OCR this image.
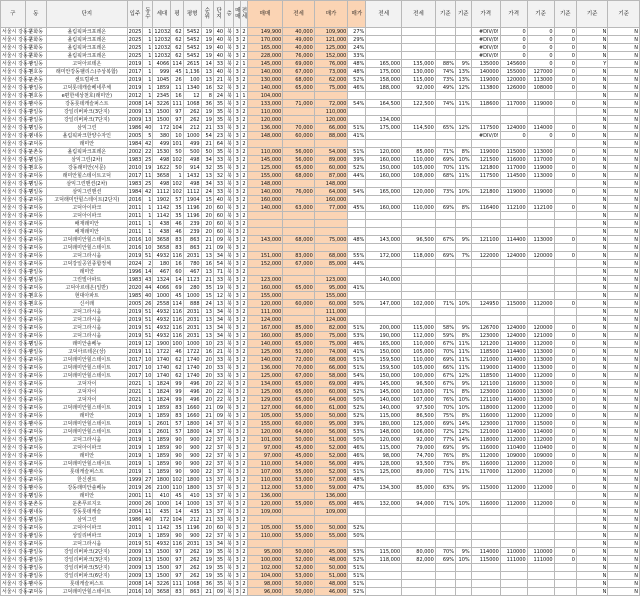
구	동	단지	입주	동수	세대	평	평형	순위	단지	층	매매	전세	매매	전세	매가	매가	전세	전세	기준	기준	가격	가격	기준	기준	기준	기준
서울시 강동구	문화동	올림픽파크포레온	2025	1	12032	62	5452	19	40	북	3	2	149,900	40,000	109,900	27%					#DIV/0!	0	0	0	N	N
서울시 강동구	문화동	올림픽파크포레온	2025	1	12032	62	5452	19	40	북	3	2	170,000	49,000	121,000	29%					#DIV/0!	0	0	0	N	N
서울시 강동구	문화동	올림픽파크포레온	2025	1	12032	62	5452	19	40	북	3	2	165,000	40,000	125,000	24%					#DIV/0!	0	0	0	N	N
서울시 강동구	문화동	올림픽파크포레온	2025	1	12032	62	5452	19	40	북	3	2	228,000	76,000	152,000	33%					#DIV/0!	0	0	0	N	N
서울시 강동구	상일동	고덕아르테온	2019	1	4066	114	2615	14	33	북	2	1	145,000	69,000	76,000	48%	165,000	135,000	88%	9%	135000	145600	0	0	Y	N
서울시 강동구	천호동	래미안강동팰리스(주상복합)	2017	1	999	45	1,136	13	40	북	3	2	140,000	67,000	73,000	48%	175,000	130,000	74%	13%	140000	155000	127000	0	N	N
서울시 강동구	둔촌동	센트럴파크	2019	1	1045	26	100	13	21	북	3	2	130,000	68,000	62,000	52%	158,000	115,000	73%	13%	119000	120000	113000	0	N	N
서울시 강동구	상일동	고덕롯데캐슬베네루체	2019	1	1859	11	1340	16	32	북	3	2	140,000	65,000	75,000	46%	188,000	92,000	49%	12%	113800	126000	108000	0	N	N
서울시 강동구	천호동	e편한세상천호(래미안)	2012	1	2345	16	12	8	24	북	1	1	104,000												N	N
서울시 강동구	암사동	강동롯데캐슬퍼스트	2008	14	3226	111	1068	36	35	북	3	2	133,000	71,000	72,000	54%	164,500	122,500	74%	11%	118600	117000	119000	0	N	N
서울시 강동구	강일동	강일리버파크(3단지)	2009	13	1500	97	262	19	35	북	3	2	110,000		110,000										N	N
서울시 강동구	강일동	강일리버파크(7단지)	2009	13	1500	97	262	19	35	북	3	2	120,000		120,000		134,000								N	N
서울시 강동구	명일동	삼익그린	1986	40	172	104	212	21	33	북	3	2	136,000	70,000	66,000	51%	175,000	114,500	65%	12%	117500	124000	114000	0	N	N
서울시 강동구	성내동	올림픽파크한양수자인	2005	5	380	10	1000	54	23	북	3	2	148,000	60,000	88,000	41%					#DIV/0!	0	0	0	N	N
서울시 강동구	고덕동	래미안	1984	42	499	101	499	21	64	북	3	2													N	N
서울시 강동구	둔촌동	올림픽파크포레온	2002	22	1530	50	500	50	35	북	3	2	110,000	56,000	54,000	51%	120,000	85,000	71%	8%	119000	115000	113000	0	N	N
서울시 강동구	명일동	삼익그린(2차)	1983	25	498	102	498	34	33	북	3	2	145,000	56,000	89,000	39%	160,000	110,000	69%	10%	121500	116000	117000	0	N	N
서울시 강동구	천호동	강동래미안(서문)	2010	19	1622	50	914	32	35	북	3	2	125,000	65,000	60,000	52%	150,000	105,000	70%	11%	121800	117000	119000	0	N	N
서울시 강동구	고덕동	래미안힐스테이트고덕	2017	11	3658	1	1432	13	32	북	3	2	155,000	68,000	87,000	44%	160,000	108,000	68%	11%	117500	114500	113000	0	N	N
서울시 강동구	명일동	삼익그린맨션(2차)	1983	25	498	102	498	34	33	북	3	2	148,000		148,000										N	N
서울시 강동구	명일동	삼익그린맨션	1984	42	1112	102	1112	24	33	북	3	2	140,000	76,000	64,000	54%	165,000	120,000	73%	10%	121800	119000	119000	0	N	N
서울시 강동구	고덕동	고덕래미안힐스테이트(2단지)	2016	1	1902	57	1904	15	40	북	3	2	160,000		160,000										N	N
서울시 강동구	고덕동	고덕아이파크	2011	1	1142	35	1196	20	60	북	3	2	140,000	63,000	77,000	45%	160,000	110,000	69%	8%	116400	112100	112100	0	N	N
서울시 강동구	고덕동	고덕아이파크	2011	1	1142	35	1196	20	60	북	3	2													N	N
서울시 강동구	고덕동	배재래미안	2011	1	438	46	239	20	60	북	3	2													N	N
서울시 강동구	고덕동	배재래미안	2011	1	438	46	239	20	60	북	3	2													N	N
서울시 강동구	고덕동	고덕래미안힐스테이트	2016	10	3658	83	863	21	09	북	3	2	143,000	68,000	75,000	48%	143,000	96,500	67%	9%	121100	114400	113000	0	N	N
서울시 강동구	고덕동	고덕래미안힐스테이트	2016	10	3658	83	863	21	09	북	3	2													N	N
서울시 강동구	고덕동	고덕그라시움	2019	51	4932	116	2031	13	34	북	3	2	151,000	83,000	68,000	55%	172,000	118,000	69%	7%	122000	124000	120000	0	N	N
서울시 강동구	고덕동	고덕강일공원종합정체	2024	2	180	16	780	16	54	북	3	2	152,000	67,000	85,000	44%									N	N
서울시 강동구	강일동	래미안	1996	14	467	60	467	13	71	북	3	2													N	N
서울시 강동구	명일동	그린빌아파트	1983	43	1324	14	1123	21	33	북	3	2	123,000		123,000		140,000								N	N
서울시 강동구	고덕동	고덕아르테온(일반)	2020	44	4066	69	280	35	19	북	3	2	160,000	65,000	95,000	41%									N	N
서울시 강동구	천호동	현대아파트	1985	40	1000	45	1000	15	12	북	3	2	155,000		155,000										N	N
서울시 강동구	천호동	신서래	2005	26	2558	114	888	24	13	북	3	2	120,000	60,000	60,000	50%	147,000	102,000	71%	10%	124950	115000	112000	0	N	N
서울시 강동구	고덕동	고덕그라시움	2019	51	4932	116	2031	13	34	북	3	2	111,000		111,000										N	N
서울시 강동구	고덕동	고덕그라시움	2019	51	4932	116	2031	13	34	북	3	2	124,000		124,000										N	N
서울시 강동구	고덕동	고덕그라시움	2019	51	4932	116	2031	13	34	북	3	2	167,000	85,000	82,000	51%	200,000	115,000	58%	9%	126700	124000	120000	0	N	N
서울시 강동구	고덕동	고덕그라시움	2019	51	4932	116	2031	13	34	북	3	2	160,000	85,000	75,000	53%	190,000	112,000	59%	8%	123000	124000	121000	0	N	N
서울시 강동구	명일동	래미안솔베뉴	2019	12	1900	100	1000	10	23	북	3	2	140,000	65,000	75,000	46%	165,000	110,000	67%	11%	121200	114000	112000	0	N	N
서울시 강동구	상일동	고덕아르테온(상)	2019	11	1722	46	1722	16	21	북	3	2	125,000	51,000	74,000	41%	150,000	105,000	70%	11%	118500	114400	113000	0	N	N
서울시 강동구	고덕동	고덕래미안힐스테이트	2017	10	1740	62	1740	20	33	북	3	2	140,000	72,000	68,000	51%	159,500	110,000	69%	11%	121000	114000	113000	0	N	N
서울시 강동구	고덕동	고덕래미안힐스테이트	2017	10	1740	62	1740	20	33	북	3	2	136,000	70,000	66,000	51%	159,500	105,000	66%	11%	119000	114000	113000	0	N	N
서울시 강동구	고덕동	고덕래미안힐스테이트	2017	10	1740	62	1740	20	33	북	3	2	125,000	67,000	58,000	54%	150,000	100,000	67%	12%	118500	114000	112000	0	N	N
서울시 강동구	고덕동	고덕자이	2021	1	1824	99	496	20	22	북	3	2	134,000	65,000	69,000	49%	145,000	96,500	67%	9%	121100	116000	113000	0	N	N
서울시 강동구	고덕동	고덕자이	2021	1	1824	99	496	20	22	북	3	2	125,000	65,000	60,000	52%	145,000	103,000	71%	8%	123000	116000	113000	0	N	N
서울시 강동구	고덕동	고덕자이	2021	1	1824	99	496	20	22	북	3	2	129,000	65,000	64,000	50%	140,000	107,000	76%	10%	121100	114000	113000	0	N	N
서울시 강동구	고덕동	고덕래미안힐스테이트	2019	1	1859	83	1660	21	09	북	3	2	127,000	66,000	61,000	52%	140,000	97,500	70%	10%	118000	112000	112000	0	N	N
서울시 강동구	고덕동	래미안	2019	1	1859	83	1660	21	09	북	3	2	105,000	55,000	50,000	52%	115,000	86,500	75%	8%	116000	112000	112000	0	N	N
서울시 강동구	암사동	고덕래미안힐스테이트	2019	1	2601	57	1800	14	37	북	3	2	155,000	60,000	95,000	39%	180,000	125,000	69%	14%	123000	117000	115000	0	N	N
서울시 강동구	고덕동	고덕래미안힐스테이트	2019	1	2601	57	1800	14	37	북	3	2	120,000	64,000	56,000	53%	148,000	106,000	72%	12%	121000	114000	114000	0	N	N
서울시 강동구	명일동	고덕그라시움	2019	1	1859	90	900	22	37	북	3	2	101,000	50,000	51,000	50%	120,000	92,000	77%	14%	118000	112000	112000	0	N	N
서울시 강동구	고덕동	고덕아이파크	2019	1	1859	90	900	22	37	북	3	2	97,000	45,000	52,000	46%	115,000	79,000	69%	9%	116000	110400	110400	0	N	N
서울시 강동구	고덕동	래미안	2019	1	1859	90	900	22	37	북	3	2	97,000	45,000	52,000	46%	98,000	74,700	76%	8%	112000	109000	109000	0	N	N
서울시 강동구	고덕동	고덕래미안힐스테이트	2019	1	1859	90	900	22	37	북	3	2	110,000	54,000	56,000	49%	128,000	93,500	73%	8%	116000	112000	112000	0	N	N
서울시 강동구	암사동	롯데캐슬퍼스트	2019	1	1859	90	900	22	37	북	3	2	107,000	55,000	52,000	51%	125,000	89,000	71%	11%	117000	112000	112000	0	N	N
서울시 강동구	고덕동	한신센트	1999	27	1800	102	1800	13	37	북	3	2	110,000	53,000	57,000	48%									N	N
서울시 강동구	암사동	강동래미안솔베뉴	2019	26	2100	110	1800	13	37	북	3	2	112,000	53,000	59,000	47%	134,300	85,000	63%	9%	115000	112000	112000	0	N	N
서울시 강동구	명일동	래미안	2001	11	410	45	410	13	37	북	3	2	136,000		136,000										N	N
서울시 강동구	둔촌동	둔촌푸르지오	2000	26	1000	14	1000	13	37	북	3	2	120,000	55,000	65,000	46%	132,000	94,000	71%	10%	116000	112000	112000	0	N	N
서울시 강동구	성내동	강동롯데캐슬	2004	11	435	14	435	13	37	북	3	2	109,000		109,000										N	N
서울시 강동구	명일동	삼익그린	1986	40	172	104	212	21	33	북	3	2													N	N
서울시 강동구	고덕동	고덕아이파크	2011	1	1142	35	1196	20	60	북	3	2	105,000	55,000	50,000	52%									N	N
서울시 강동구	상일동	상일리버파크	2019	1	1859	90	900	22	37	북	3	2	110,000	55,000	55,000	50%									N	N
서울시 강동구	고덕동	고덕그라시움	2019	51	4932	116	2031	13	34	북	3	2													N	N
서울시 강동구	강일동	강일리버파크(2단지)	2009	13	1500	97	262	19	35	북	3	2	95,000	50,000	45,000	53%	115,000	80,000	70%	9%	114000	110000	110000	0	N	N
서울시 강동구	강일동	강일리버파크(3단지)	2009	13	1500	97	262	19	35	북	3	2	100,000	52,000	48,000	52%	118,000	82,000	69%	10%	115000	111000	111000	0	N	N
서울시 강동구	강일동	강일리버파크(5단지)	2009	13	1500	97	262	19	35	북	3	2	102,000	52,000	50,000	51%									N	N
서울시 강동구	강일동	강일리버파크(6단지)	2009	13	1500	97	262	19	35	북	3	2	104,000	53,000	51,000	51%									N	N
서울시 강동구	암사동	롯데캐슬퍼스트	2008	14	3226	111	1068	36	35	북	3	2	98,000	50,000	48,000	51%									N	N
서울시 강동구	고덕동	고덕래미안힐스테이트	2016	10	3658	83	863	21	09	북	3	2	96,000	50,000	46,000	52%									N	N
